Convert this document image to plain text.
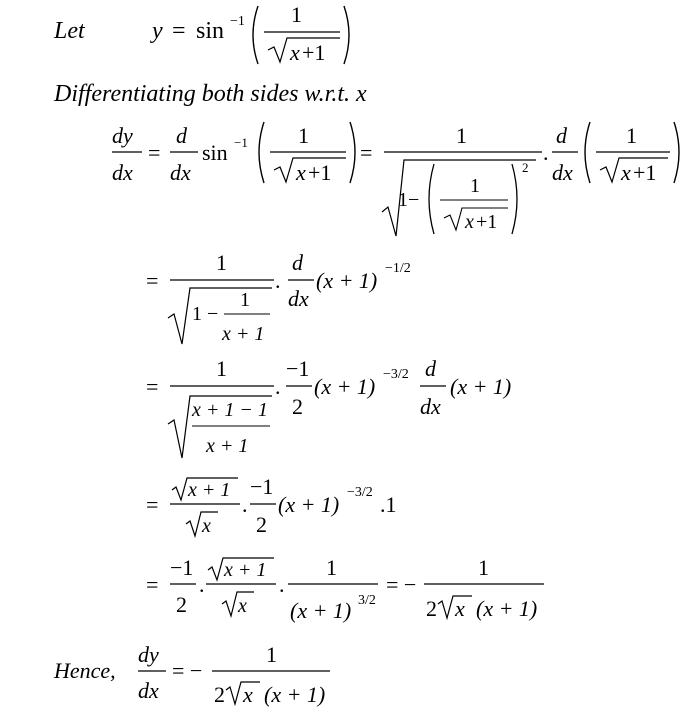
Let	y = sin −1 1
x +1
Differentiating both sides w.r.t. x
dy
dx
=
d
dx
sin −1 1
x +1
=
1
1−
1
x +1
2
.
d
dx
1
x +1
=
1
1 −
1
x + 1
.
d
dx
(x + 1) −1/2
=
1
x + 1 − 1
x + 1
.
−1
2
(x + 1) −3/2 d
dx
(x + 1)
=
x + 1
x
.
−1
2
(x + 1) −3/2 .1
=
−1
2
.
x + 1
x
.
1
(x + 1) 3/2
= −
1
2 x (x + 1)
Hence,
dy
dx
= −
1
2 x (x + 1)
